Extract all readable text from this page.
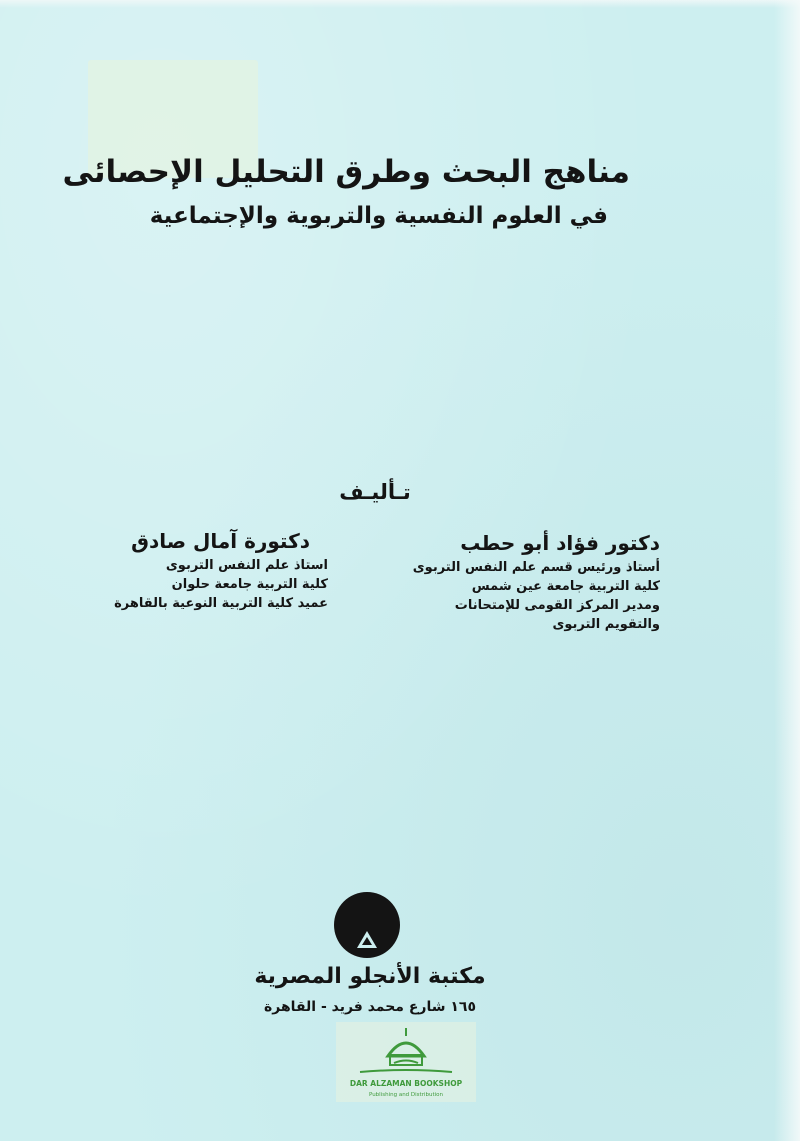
مناهج البحث وطرق التحليل الإحصائى
في العلوم النفسية والتربوية والإجتماعية
تـأليـف
دكتور فؤاد أبو حطب
أستاذ ورئيس قسم علم النفس التربوى
كلية التربية جامعة عين شمس
ومدير المركز القومى للإمتحانات
والتقويم التربوى
دكتورة آمال صادق
استاذ علم النفس التربوى
كلية التربية جامعة حلوان
عميد كلية التربية النوعية بالقاهرة
مكتبة الأنجلو المصرية
١٦٥ شارع محمد فريد - القاهرة
DAR ALZAMAN BOOKSHOP
Publishing and Distribution
